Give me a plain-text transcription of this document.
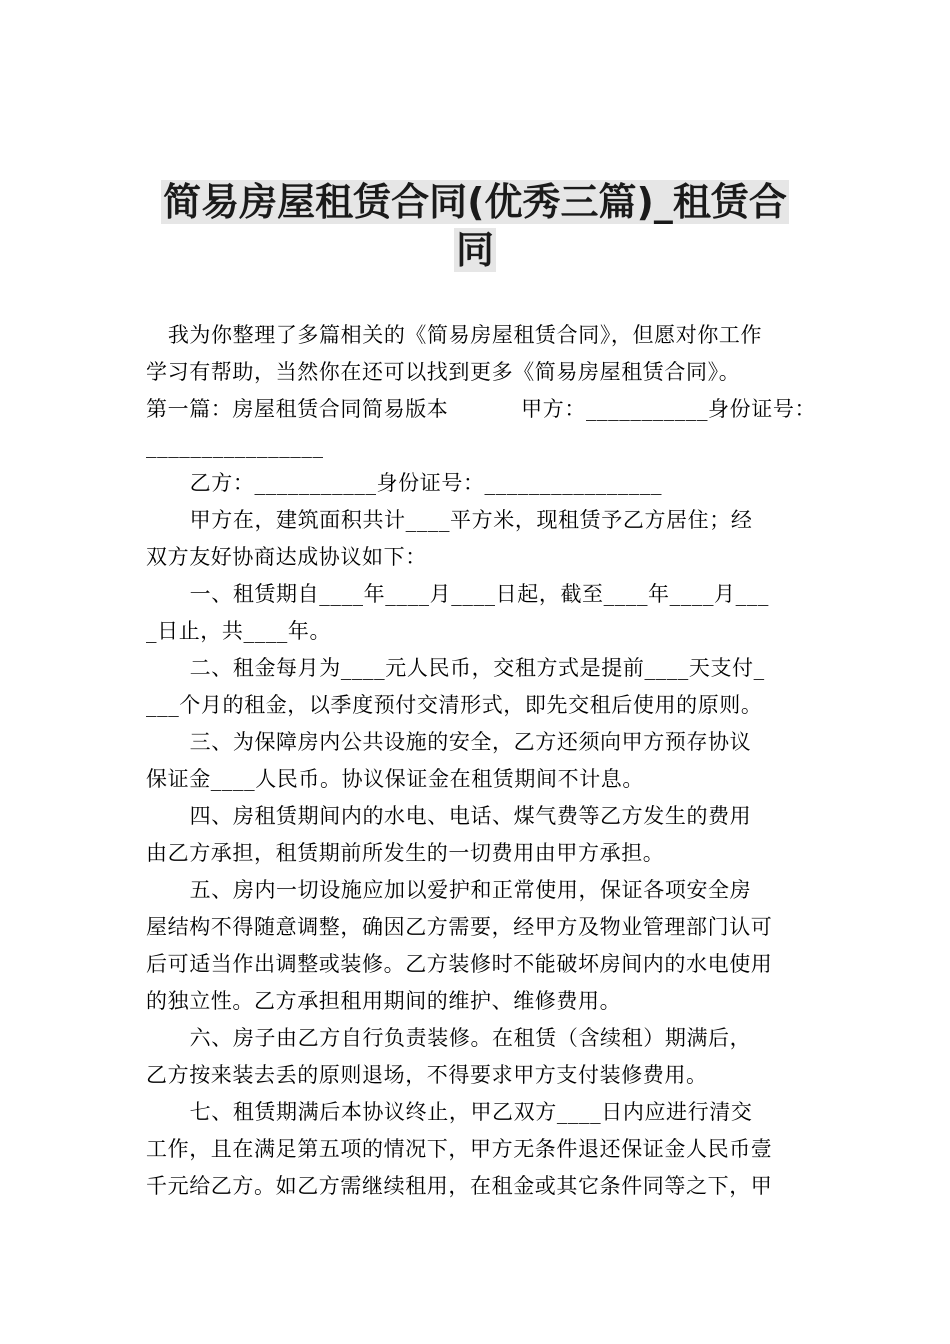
简易房屋租赁合同(优秀三篇)_租赁合
同
我为你整理了多篇相关的《简易房屋租赁合同》，但愿对你工作
学习有帮助，当然你在还可以找到更多《简易房屋租赁合同》。
第一篇：房屋租赁合同简易版本          甲方：___________身份证号：
________________
乙方：___________身份证号：________________
甲方在，建筑面积共计____平方米，现租赁予乙方居住；经
双方友好协商达成协议如下：
一、租赁期自____年____月____日起，截至____年____月___
_日止，共____年。
二、租金每月为____元人民币，交租方式是提前____天支付_
___个月的租金，以季度预付交清形式，即先交租后使用的原则。
三、为保障房内公共设施的安全，乙方还须向甲方预存协议
保证金____人民币。协议保证金在租赁期间不计息。
四、房租赁期间内的水电、电话、煤气费等乙方发生的费用
由乙方承担，租赁期前所发生的一切费用由甲方承担。
五、房内一切设施应加以爱护和正常使用，保证各项安全房
屋结构不得随意调整，确因乙方需要，经甲方及物业管理部门认可
后可适当作出调整或装修。乙方装修时不能破坏房间内的水电使用
的独立性。乙方承担租用期间的维护、维修费用。
六、房子由乙方自行负责装修。在租赁（含续租）期满后，
乙方按来装去丢的原则退场，不得要求甲方支付装修费用。
七、租赁期满后本协议终止，甲乙双方____日内应进行清交
工作，且在满足第五项的情况下，甲方无条件退还保证金人民币壹
千元给乙方。如乙方需继续租用，在租金或其它条件同等之下，甲
